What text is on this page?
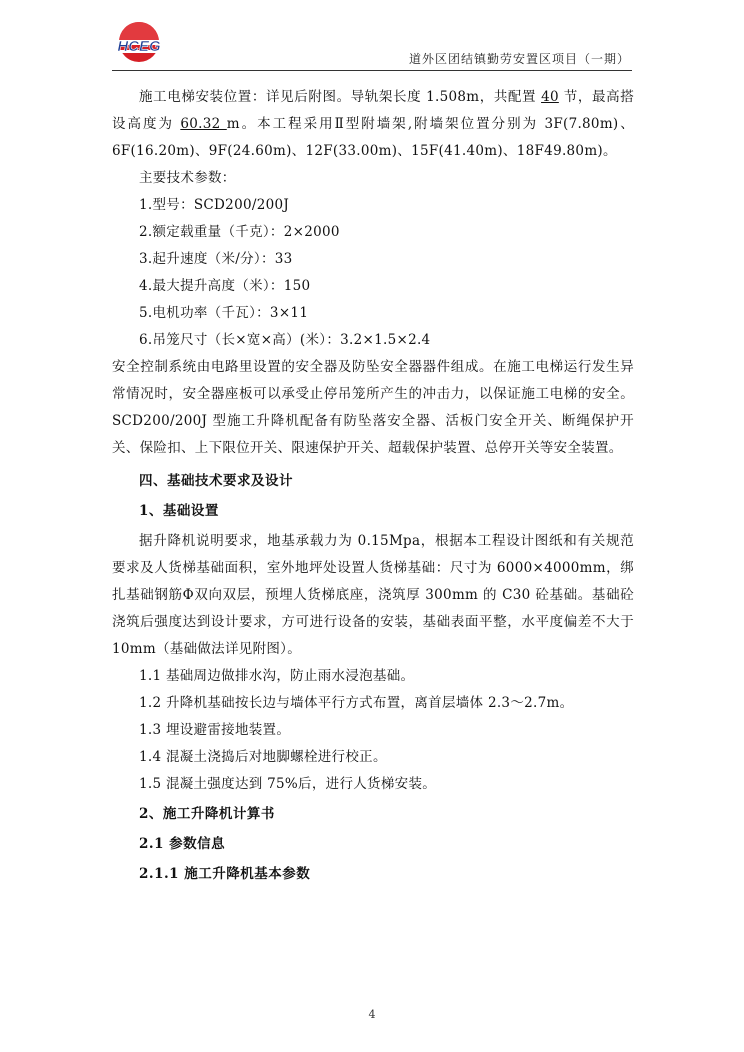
HCEG
道外区团结镇勤劳安置区项目（一期）

施工电梯安装位置：详见后附图。导轨架长度 1.508m，共配置 40 节，最高搭设高度为 60.32 m。本工程采用Ⅱ型附墙架,附墙架位置分别为 3F(7.80m)、6F(16.20m)、9F(24.60m)、12F(33.00m)、15F(41.40m)、18F49.80m)。

主要技术参数：

1.型号：SCD200/200J

2.额定载重量（千克）：2×2000

3.起升速度（米/分）：33

4.最大提升高度（米）：150

5.电机功率（千瓦）：3×11

6.吊笼尺寸（长×宽×高）(米）：3.2×1.5×2.4

安全控制系统由电路里设置的安全器及防坠安全器器件组成。在施工电梯运行发生异常情况时，安全器座板可以承受止停吊笼所产生的冲击力，以保证施工电梯的安全。SCD200/200J 型施工升降机配备有防坠落安全器、活板门安全开关、断绳保护开关、保险扣、上下限位开关、限速保护开关、超载保护装置、总停开关等安全装置。

四、基础技术要求及设计

1、基础设置

据升降机说明要求，地基承载力为 0.15Mpa，根据本工程设计图纸和有关规范要求及人货梯基础面积，室外地坪处设置人货梯基础：尺寸为 6000×4000mm，绑扎基础钢筋Φ双向双层，预埋人货梯底座，浇筑厚 300mm 的 C30 砼基础。基础砼浇筑后强度达到设计要求，方可进行设备的安装，基础表面平整，水平度偏差不大于 10mm（基础做法详见附图）。

1.1 基础周边做排水沟，防止雨水浸泡基础。

1.2 升降机基础按长边与墙体平行方式布置，离首层墙体 2.3～2.7m。

1.3 埋设避雷接地装置。

1.4 混凝土浇捣后对地脚螺栓进行校正。

1.5 混凝土强度达到 75%后，进行人货梯安装。

2、施工升降机计算书

2.1 参数信息

2.1.1 施工升降机基本参数

4
